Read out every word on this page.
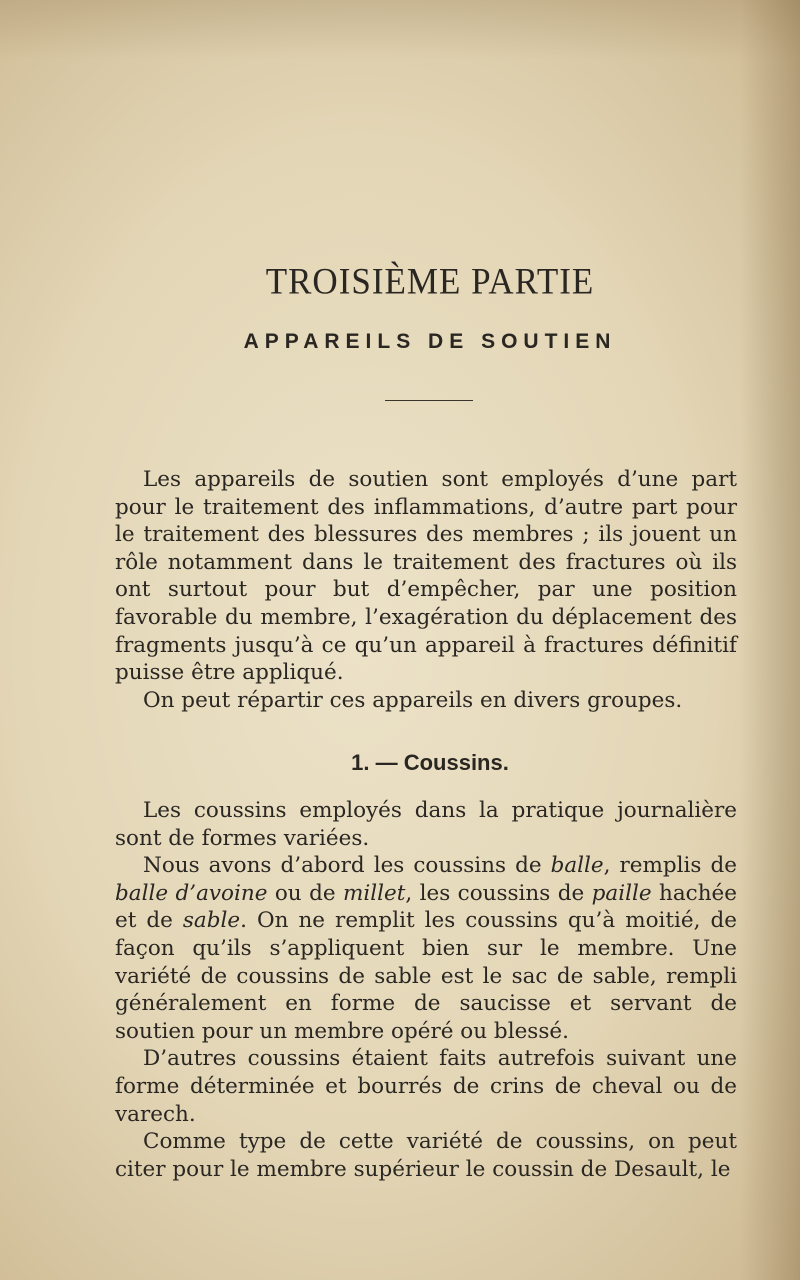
TROISIÈME PARTIE
APPAREILS DE SOUTIEN

Les appareils de soutien sont employés d’une part pour le traitement des inflammations, d’autre part pour le traitement des blessures des membres ; ils jouent un rôle notamment dans le traitement des fractures où ils ont surtout pour but d’empêcher, par une position favorable du membre, l’exagération du déplacement des fragments jusqu’à ce qu’un appareil à fractures définitif puisse être appliqué.

On peut répartir ces appareils en divers groupes.

1. — Coussins.

Les coussins employés dans la pratique journalière sont de formes variées.

Nous avons d’abord les coussins de balle, remplis de balle d’avoine ou de millet, les coussins de paille hachée et de sable. On ne remplit les coussins qu’à moitié, de façon qu’ils s’appliquent bien sur le membre. Une variété de coussins de sable est le sac de sable, rempli généralement en forme de saucisse et servant de soutien pour un membre opéré ou blessé.

D’autres coussins étaient faits autrefois suivant une forme déterminée et bourrés de crins de cheval ou de varech.

Comme type de cette variété de coussins, on peut citer pour le membre supérieur le coussin de Desault, le
